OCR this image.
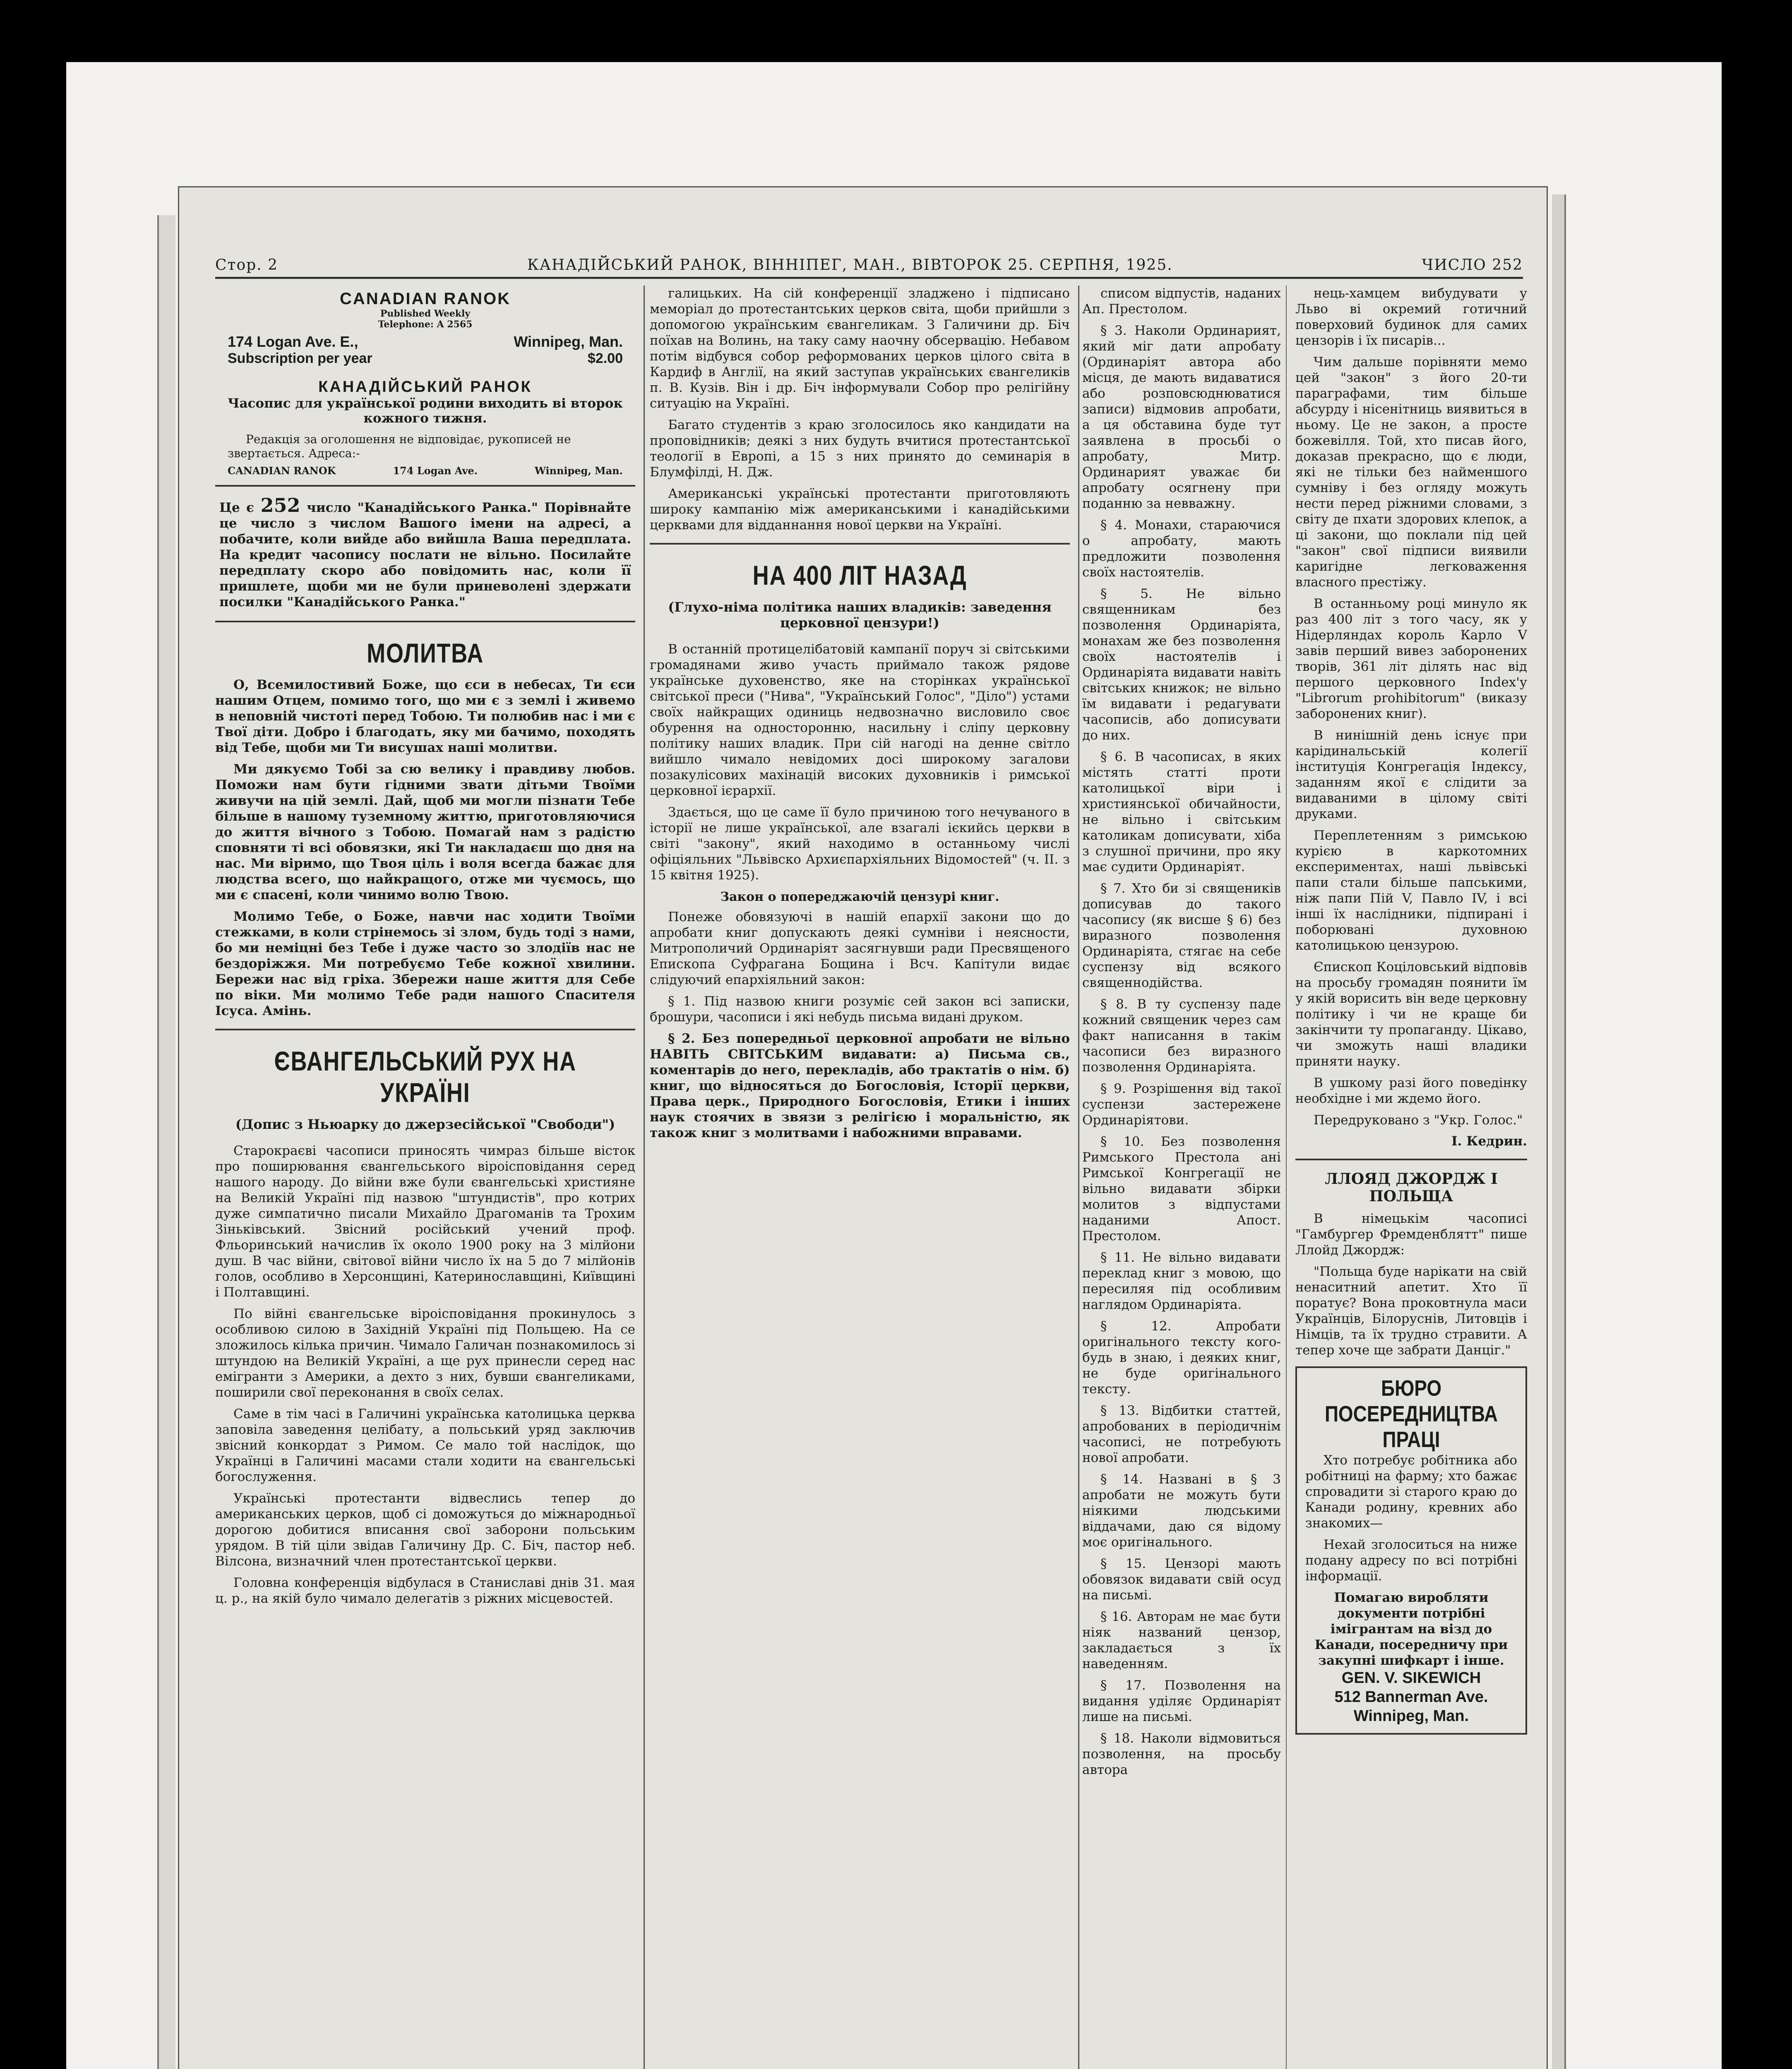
Стор. 2	КАНАДІЙСЬКИЙ РАНОК, ВІННІПЕГ, МАН., ВІВТОРОК 25. СЕРПНЯ, 1925.	ЧИСЛО 252
CANADIAN RANOK
Published Weekly
Telephone: A 2565
174 Logan Ave. E.,	Winnipeg, Man.
Subscription per year	$2.00
КАНАДІЙСЬКИЙ РАНОК
Часопис для української родини виходить ві второк кожного тижня.
Редакція за оголошення не відповідає, рукописей не звертається. Адреса:-
CANADIAN RANOK	174 Logan Ave.	Winnipeg, Man.
Це є 252 число "Канадійського Ранка." Порівнайте це число з числом Вашого імени на адресі, а побачите, коли вийде або вийшла Ваша передплата. На кредит часопису послати не вільно. Посилайте передплату скоро або повідомить нас, коли її пришлете, щоби ми не були приневолені здержати посилки "Канадійського Ранка."
МОЛИТВА

О, Всемилостивий Боже, що єси в небесах, Ти єси нашим Отцем, помимо того, що ми є з землі і живемо в неповній чистоті перед Тобою. Ти полюбив нас і ми є Твої діти. Добро і благодать, яку ми бачимо, походять від Тебе, щоби ми Ти висушах наші молитви.

Ми дякуємо Тобі за сю велику і правдиву любов. Поможи нам бути гідними звати дітьми Твоїми живучи на цій землі. Дай, щоб ми могли пізнати Тебе більше в нашому туземному життю, приготовляючися до життя вічного з Тобою. Помагай нам з радістю сповняти ті всі обовязки, які Ти накладаєш що дня на нас. Ми віримо, що Твоя ціль і воля всегда бажає для людства всего, що найкращого, отже ми чуємось, що ми є спасені, коли чинимо волю Твою.

Молимо Тебе, о Боже, навчи нас ходити Твоїми стежками, в коли стрінемось зі злом, будь тоді з нами, бо ми неміцні без Тебе і дуже часто зо злодіїв нас не бездоріжжя. Ми потребуємо Тебе кожної хвилини. Бережи нас від гріха. Збережи наше життя для Себе по віки. Ми молимо Тебе ради нашого Спасителя Ісуса. Амінь.

ЄВАНГЕЛЬСЬКИЙ РУХ НА УКРАЇНІ
(Допис з Ньюарку до джерзесійської "Свободи")

Старокраєві часописи приносять чимраз більше вісток про поширювання євангельського віроісповідання серед нашого народу. До війни вже були євангельські християне на Великій Україні під назвою "штундистів", про котрих дуже симпатично писали Михайло Драгоманів та Трохим Зіньківський. Звісний російський учений проф. Фльоринський начислив їх около 1900 року на 3 мілйони душ. В час війни, світової війни число їх на 5 до 7 мілйонів голов, особливо в Херсонщині, Катеринославщині, Київщині і Полтавщині.

По війні євангельське віроісповідання прокинулось з особливою силою в Західній Україні під Польщею. На се зложилось кілька причин. Чимало Галичан познакомилось зі штундою на Великій Україні, а ще рух принесли серед нас емігранти з Америки, а дехто з них, бувши євангеликами, поширили свої переконання в своїх селах.

Саме в тім часі в Галичині українська католицька церква заповіла заведення целібату, а польський уряд заключив звісний конкордат з Римом. Се мало той наслідок, що Українці в Галичині масами стали ходити на євангельські богослуження.

Українські протестанти відвеслись тепер до американських церков, щоб сі доможуться до міжнародньої дорогою добитися вписання свої заборони польським урядом. В тій ціли звідав Галичину Др. С. Біч, пастор неб. Вілсона, визначний член протестантської церкви.

Головна конференція відбулася в Станиславі днів 31. мая ц. р., на якій було чимало делегатів з ріжних місцевостей.

галицьких. На сій конференції зладжено і підписано меморіал до протестантських церков світа, щоби прийшли з допомогою українським євангеликам. З Галичини др. Біч поїхав на Волинь, на таку саму наочну обсервацію. Небавом потім відбувся собор реформованих церков цілого світа в Кардиф в Англії, на який заступав українських євангеликів п. В. Кузів. Він і др. Біч інформували Собор про релігійну ситуацію на Україні.

Багато студентів з краю зголосилось яко кандидати на проповідників; деякі з них будуть вчитися протестантської теології в Европі, а 15 з них принято до семинарія в Блумфілді, Н. Дж.

Американські українські протестанти приготовляють широку кампанію між американськими і канадійськими церквами для відданнання нової церкви на Україні.

НА 400 ЛІТ НАЗАД
(Глухо-німа політика наших владиків: заведення церковної цензури!)

В останній протицелібатовій кампанії поруч зі світськими громадянами живо участь приймало також рядове українське духовенство, яке на сторінках української світської преси ("Нива", "Український Голос", "Діло") устами своїх найкращих одиниць недвозначно висловило своє обурення на односторонню, насильну і сліпу церковну політику наших владик. При сій нагоді на денне світло вийшло чимало невідомих досі широкому загалови позакулісових махінацій високих духовників і римської церковної ієрархії.

Здається, що це саме її було причиною того нечуваного в історії не лише української, але взагалі ієкийсь церкви в світі "закону", який находимо в останньому числі офіціяльних "Львівско Архиєпархіяльних Відомостей" (ч. ІІ. з 15 квітня 1925).

Закон о попереджаючій цензурі книг.

Понеже обовязуючі в нашій епархії закони що до апробати книг допускають деякі сумніви і неясности, Митрополичий Ординаріят засягнувши ради Пресвященого Епископа Суфрагана Бощина і Всч. Капітули видає слідуючий епархіяльний закон:

§ 1. Під назвою книги розуміє сей закон всі записки, брошури, часописи і які небудь письма видані друком.

§ 2. Без попередньої церковної апробати не вільно НАВІТЬ СВІТСЬКИМ видавати: а) Письма св., коментарів до него, перекладів, або трактатів о нім. б) книг, що відносяться до Богословія, Історії церкви, Права церк., Природного Богословія, Етики і інших наук стоячих в звязи з релігією і моральністю, як також книг з молитвами і набожними вправами.

списом відпустів, наданих Ап. Престолом.

§ 3. Наколи Ординарият, який міг дати апробату (Ординаріят автора або місця, де мають видаватися або розповсюднюватися записи) відмовив апробати, а ця обставина буде тут заявлена в просьбі о апробату, Митр. Ординарият уважає би апробату осягнену при поданню за невважну.

§ 4. Монахи, стараючися о апробату, мають предложити позволення своїх настоятелів.

§ 5. Не вільно священникам без позволення Ординаріята, монахам же без позволення своїх настоятелів і Ординаріята видавати навіть світських книжок; не вільно їм видавати і редагувати часописів, або дописувати до них.

§ 6. В часописах, в яких містять статті проти католицької віри і християнської обичайности, не вільно і світським католикам дописувати, хіба з слушної причини, про яку має судити Ординаріят.

§ 7. Хто би зі священиків дописував до такого часопису (як висше § 6) без виразного позволення Ординаріята, стягає на себе суспензу від всякого священнодійства.

§ 8. В ту суспензу паде кожний священик через сам факт написання в такім часописи без виразного позволення Ординаріята.

§ 9. Розрішення від такої суспензи застережене Ординаріятови.

§ 10. Без позволення Римського Престола ані Римської Конгрегації не вільно видавати збірки молитов з відпустами наданими Апост. Престолом.

§ 11. Не вільно видавати переклад книг з мовою, що пересиляя під особливим наглядом Ординаріята.

§ 12. Апробати оригінального тексту кого-будь в знаю, і деяких книг, не буде оригінального тексту.

§ 13. Відбитки статтей, апробованих в періодичнім часописі, не потребують нової апробати.

§ 14. Названі в § 3 апробати не можуть бути ніякими людськими віддачами, даю ся відому моє оригінального.

§ 15. Цензорі мають обовязок видавати свій осуд на письмі.

§ 16. Авторам не має бути ніяк названий цензор, закладається з їх наведенням.

§ 17. Позволення на видання уділяє Ординаріят лише на письмі.

§ 18. Наколи відмовиться позволення, на просьбу автора

нець-хамцем вибудувати у Льво ві окремий готичний поверховий будинок для самих цензорів і їх писарів...

Чим дальше порівняти мемо цей "закон" з його 20-ти параграфами, тим більше абсурду і нісенітниць виявиться в ньому. Це не закон, а просте божевілля. Той, хто писав його, доказав прекрасно, що є люди, які не тільки без найменшого сумніву і без огляду можуть нести перед ріжними словами, з світу де пхати здорових клепок, а ці закони, що поклали під цей "закон" свої підписи виявили каригідне легковаження власного престіжу.

В останньому році минуло як раз 400 літ з того часу, як у Нідерляндах король Карло V завів перший вивез заборонених творів, 361 літ ділять нас від першого церковного Index'у "Librorum prohibitorum" (виказу заборонених книг).

В нинішній день існує при карідинальській колегії інституція Конгрегація Індексу, заданням якої є слідити за видаваними в цілому світі друками.

Переплетенням з римською курією в каркотомних експериментах, наші львівські папи стали більше папськими, ніж папи Пій V, Павло IV, і всі інші їх наслідники, підпирані і поборювані духовною католицькою цензурою.

Єпископ Коціловський відповів на просьбу громадян поянити їм у якій ворисить він веде церковну політику і чи не краще би закінчити ту пропаганду. Цікаво, чи зможуть наші владики приняти науку.

В ушкому разі його поведінку необхідне і ми ждемо його.

Передруковано з "Укр. Голос."

І. Кедрин.
ЛЛОЯД ДЖОРДЖ І ПОЛЬЩА

В німецькім часописі "Гамбургер Фремденблятт" пише Ллойд Джордж:

"Польща буде нарікати на свій ненаситний апетит. Хто її поратує? Вона проковтнула маси Українців, Білоруснів, Литовців і Німців, та їх трудно стравити. А тепер хоче ще забрати Данціг."

БЮРО ПОСЕРЕДНИЦТВА ПРАЦІ

Хто потребує робітника або робітниці на фарму; хто бажає спровадити зі старого краю до Канади родину, кревних або знакомих—

Нехай зголоситься на ниже подану адресу по всі потрібні інформації.

Помагаю виробляти документи потрібні імігрантам на візд до Канади, посередничу при закупні шифкарт і інше.
GEN. V. SIKEWICH
512 Bannerman Ave.
Winnipeg, Man.
